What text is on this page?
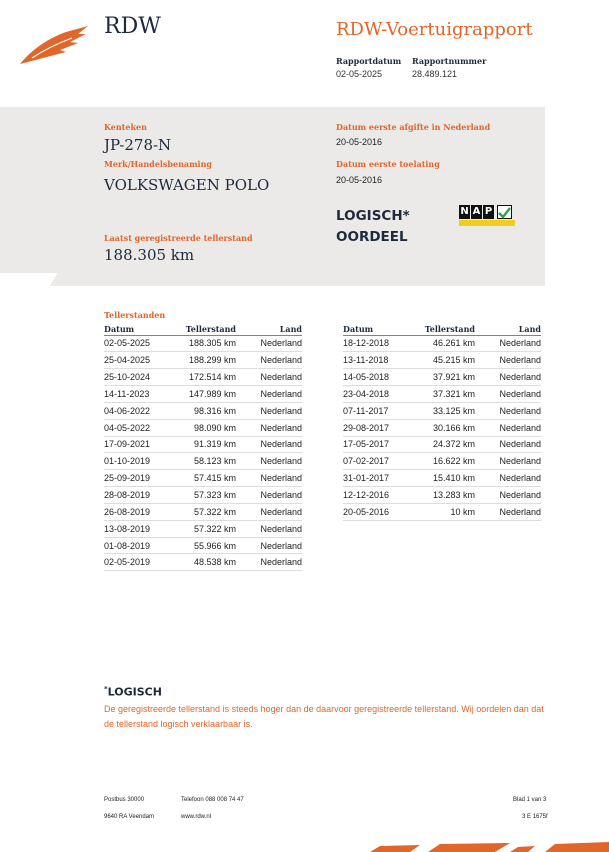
RDW	RDW-Voertuigrapport
Rapportdatum
02-05-2025
Rapportnummer
28.489.121
Kenteken
JP-278-N
Merk/Handelsbenaming
VOLKSWAGEN POLO
Laatst geregistreerde tellerstand
188.305 km
Datum eerste afgifte in Nederland
20-05-2016
Datum eerste toelating
20-05-2016
LOGISCH*
OORDEEL
N A P
Tellerstanden
Datum	Tellerstand	Land
02-05-2025	188.305 km	Nederland
25-04-2025	188.299 km	Nederland
25-10-2024	172.514 km	Nederland
14-11-2023	147.989 km	Nederland
04-06-2022	98.316 km	Nederland
04-05-2022	98.090 km	Nederland
17-09-2021	91.319 km	Nederland
01-10-2019	58.123 km	Nederland
25-09-2019	57.415 km	Nederland
28-08-2019	57.323 km	Nederland
26-08-2019	57.322 km	Nederland
13-08-2019	57.322 km	Nederland
01-08-2019	55.966 km	Nederland
02-05-2019	48.538 km	Nederland
Datum	Tellerstand	Land
18-12-2018	46.261 km	Nederland
13-11-2018	45.215 km	Nederland
14-05-2018	37.921 km	Nederland
23-04-2018	37.321 km	Nederland
07-11-2017	33.125 km	Nederland
29-08-2017	30.166 km	Nederland
17-05-2017	24.372 km	Nederland
07-02-2017	16.622 km	Nederland
31-01-2017	15.410 km	Nederland
12-12-2016	13.283 km	Nederland
20-05-2016	10 km	Nederland
*LOGISCH
De geregistreerde tellerstand is steeds hoger dan de daarvoor geregistreerde tellerstand. Wij oordelen dan dat de tellerstand logisch verklaarbaar is.
Postbus 30000
9640 RA Veendam
Telefoon 088 008 74 47
www.rdw.nl
Blad 1 van 3
3 E 1675f
